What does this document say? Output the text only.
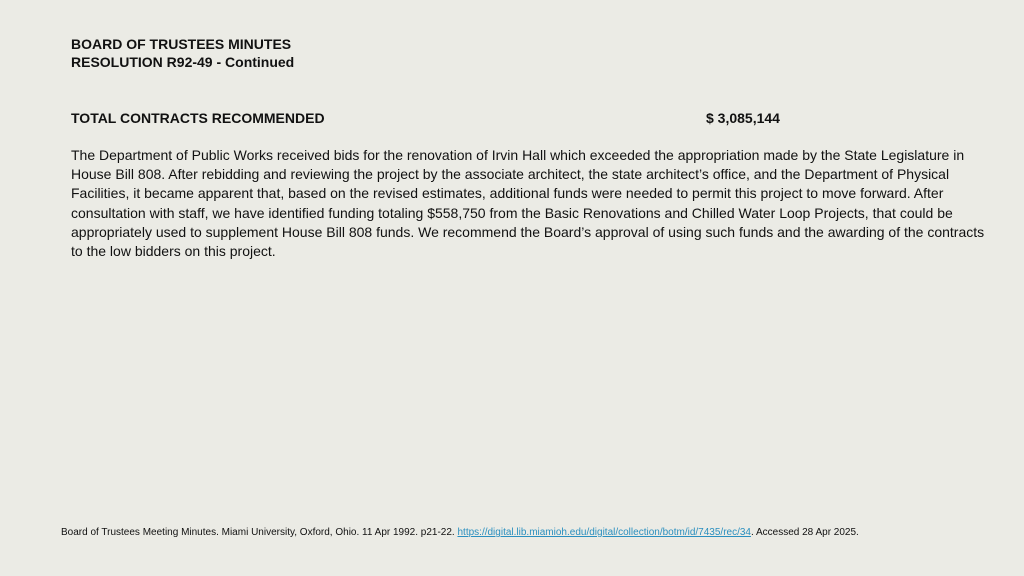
BOARD OF TRUSTEES MINUTES
RESOLUTION R92-49 - Continued
TOTAL CONTRACTS RECOMMENDED	$ 3,085,144

The Department of Public Works received bids for the renovation of Irvin Hall which exceeded the appropriation made by the State Legislature in House Bill 808. After rebidding and reviewing the project by the associate architect, the state architect’s office, and the Department of Physical Facilities, it became apparent that, based on the revised estimates, additional funds were needed to permit this project to move forward. After consultation with staff, we have identified funding totaling $558,750 from the Basic Renovations and Chilled Water Loop Projects, that could be appropriately used to supplement House Bill 808 funds. We recommend the Board’s approval of using such funds and the awarding of the contracts to the low bidders on this project.

Board of Trustees Meeting Minutes. Miami University, Oxford, Ohio. 11 Apr 1992. p21-22. https://digital.lib.miamioh.edu/digital/collection/botm/id/7435/rec/34. Accessed 28 Apr 2025.
